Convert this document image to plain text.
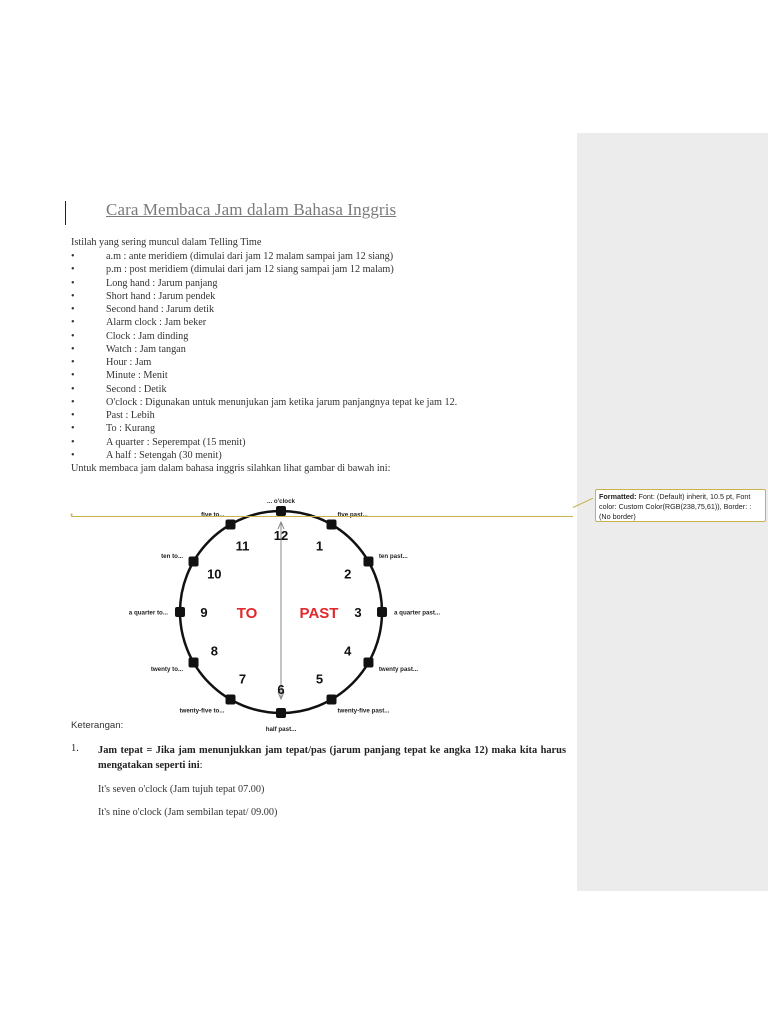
Cara Membaca Jam dalam Bahasa Inggris
Istilah yang sering muncul dalam Telling Time
•	a.m : ante meridiem (dimulai dari jam 12 malam sampai jam 12 siang)
•	p.m : post meridiem (dimulai dari jam 12 siang sampai jam 12 malam)
•	Long hand : Jarum panjang
•	Short hand : Jarum pendek
•	Second hand : Jarum detik
•	Alarm clock : Jam beker
•	Clock : Jam dinding
•	Watch : Jam tangan
•	Hour : Jam
•	Minute : Menit
•	Second : Detik
•	O'clock : Digunakan untuk menunjukan jam ketika jarum panjangnya tepat ke jam 12.
•	Past : Lebih
•	To : Kurang
•	A quarter : Seperempat (15 menit)
•	A half : Setengah (30 menit)
Untuk membaca jam dalam bahasa inggris silahkan lihat gambar di bawah ini:
12
... o'clock
1
2
ten past...
3	a quarter past...
4
twenty past...
5
twenty-five past...
6
half past...
7
twenty-five to...
8
twenty to...
9
a quarter to...
10
ten to...
11
TO	PAST
•
Formatted: Font: (Default) inherit, 10.5 pt, Font color: Custom Color(RGB(238,75,61)), Border: : (No border)
Keterangan:
1. Jam tepat = Jika jam menunjukkan jam tepat/pas (jarum panjang tepat ke angka 12) maka kita harus mengatakan seperti ini:
It's seven o'clock (Jam tujuh tepat 07.00)
It's nine o'clock (Jam sembilan tepat/ 09.00)
